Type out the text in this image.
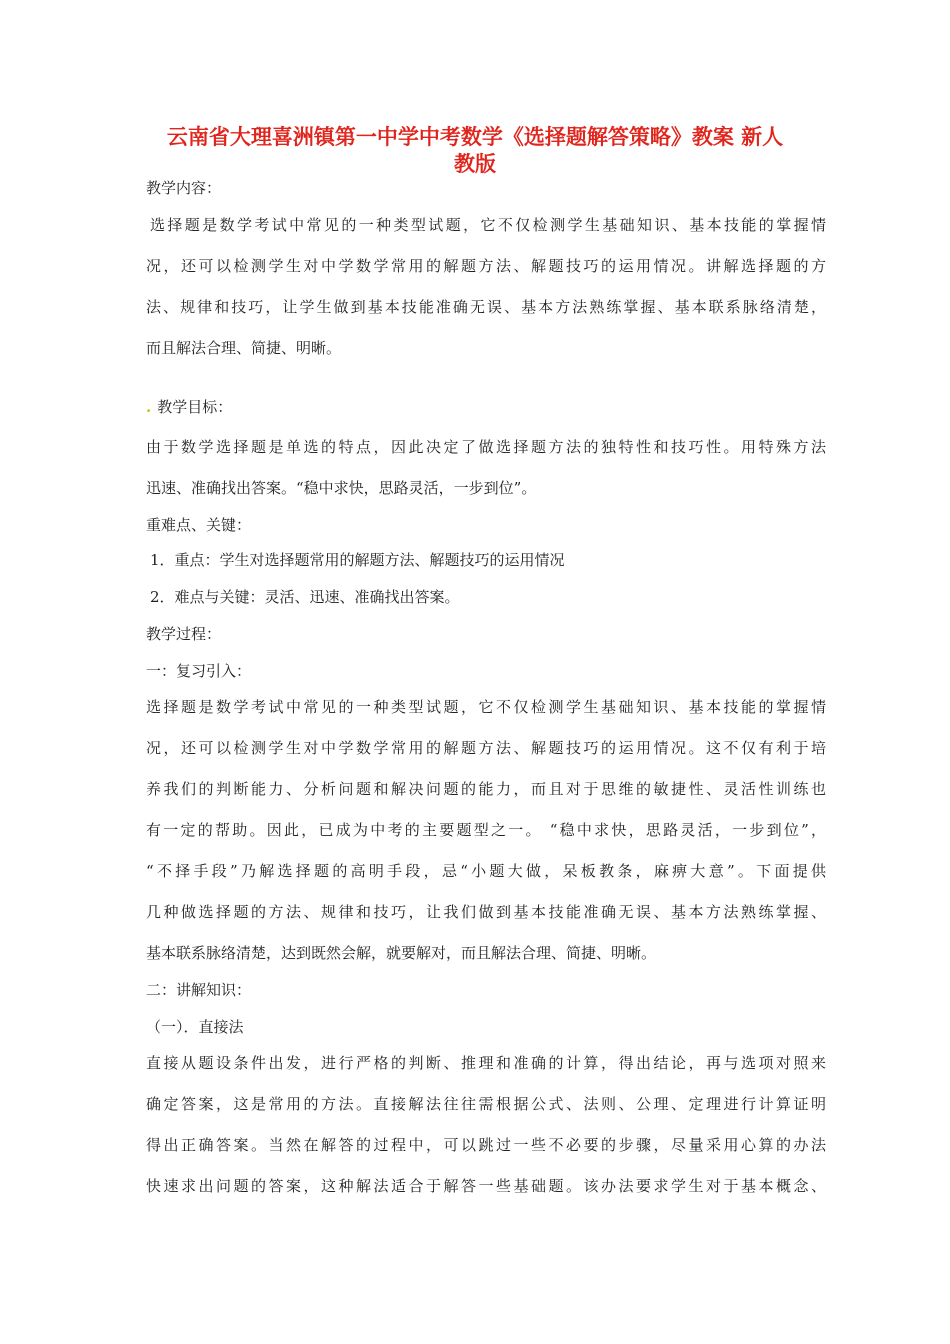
云南省大理喜洲镇第一中学中考数学《选择题解答策略》教案 新人
教版
教学内容：
选择题是数学考试中常见的一种类型试题，它不仅检测学生基础知识、基本技能的掌握情
况，还可以检测学生对中学数学常用的解题方法、解题技巧的运用情况。讲解选择题的方
法、规律和技巧，让学生做到基本技能准确无误、基本方法熟练掌握、基本联系脉络清楚，
而且解法合理、简捷、明晰。
. 教学目标：
由于数学选择题是单选的特点，因此决定了做选择题方法的独特性和技巧性。用特殊方法
迅速、准确找出答案。“稳中求快，思路灵活，一步到位”。
重难点、关键：
1．重点：学生对选择题常用的解题方法、解题技巧的运用情况
2．难点与关键：灵活、迅速、准确找出答案。
教学过程：
一：复习引入：
选择题是数学考试中常见的一种类型试题，它不仅检测学生基础知识、基本技能的掌握情
况，还可以检测学生对中学数学常用的解题方法、解题技巧的运用情况。这不仅有利于培
养我们的判断能力、分析问题和解决问题的能力，而且对于思维的敏捷性、灵活性训练也
有一定的帮助。因此，已成为中考的主要题型之一。 “稳中求快，思路灵活，一步到位”，
“不择手段”乃解选择题的高明手段，忌“小题大做，呆板教条，麻痹大意”。下面提供
几种做选择题的方法、规律和技巧，让我们做到基本技能准确无误、基本方法熟练掌握、
基本联系脉络清楚，达到既然会解，就要解对，而且解法合理、简捷、明晰。
二：讲解知识：
（一）．直接法
直接从题设条件出发，进行严格的判断、推理和准确的计算，得出结论，再与选项对照来
确定答案，这是常用的方法。直接解法往往需根据公式、法则、公理、定理进行计算证明
得出正确答案。当然在解答的过程中，可以跳过一些不必要的步骤，尽量采用心算的办法
快速求出问题的答案，这种解法适合于解答一些基础题。该办法要求学生对于基本概念、
